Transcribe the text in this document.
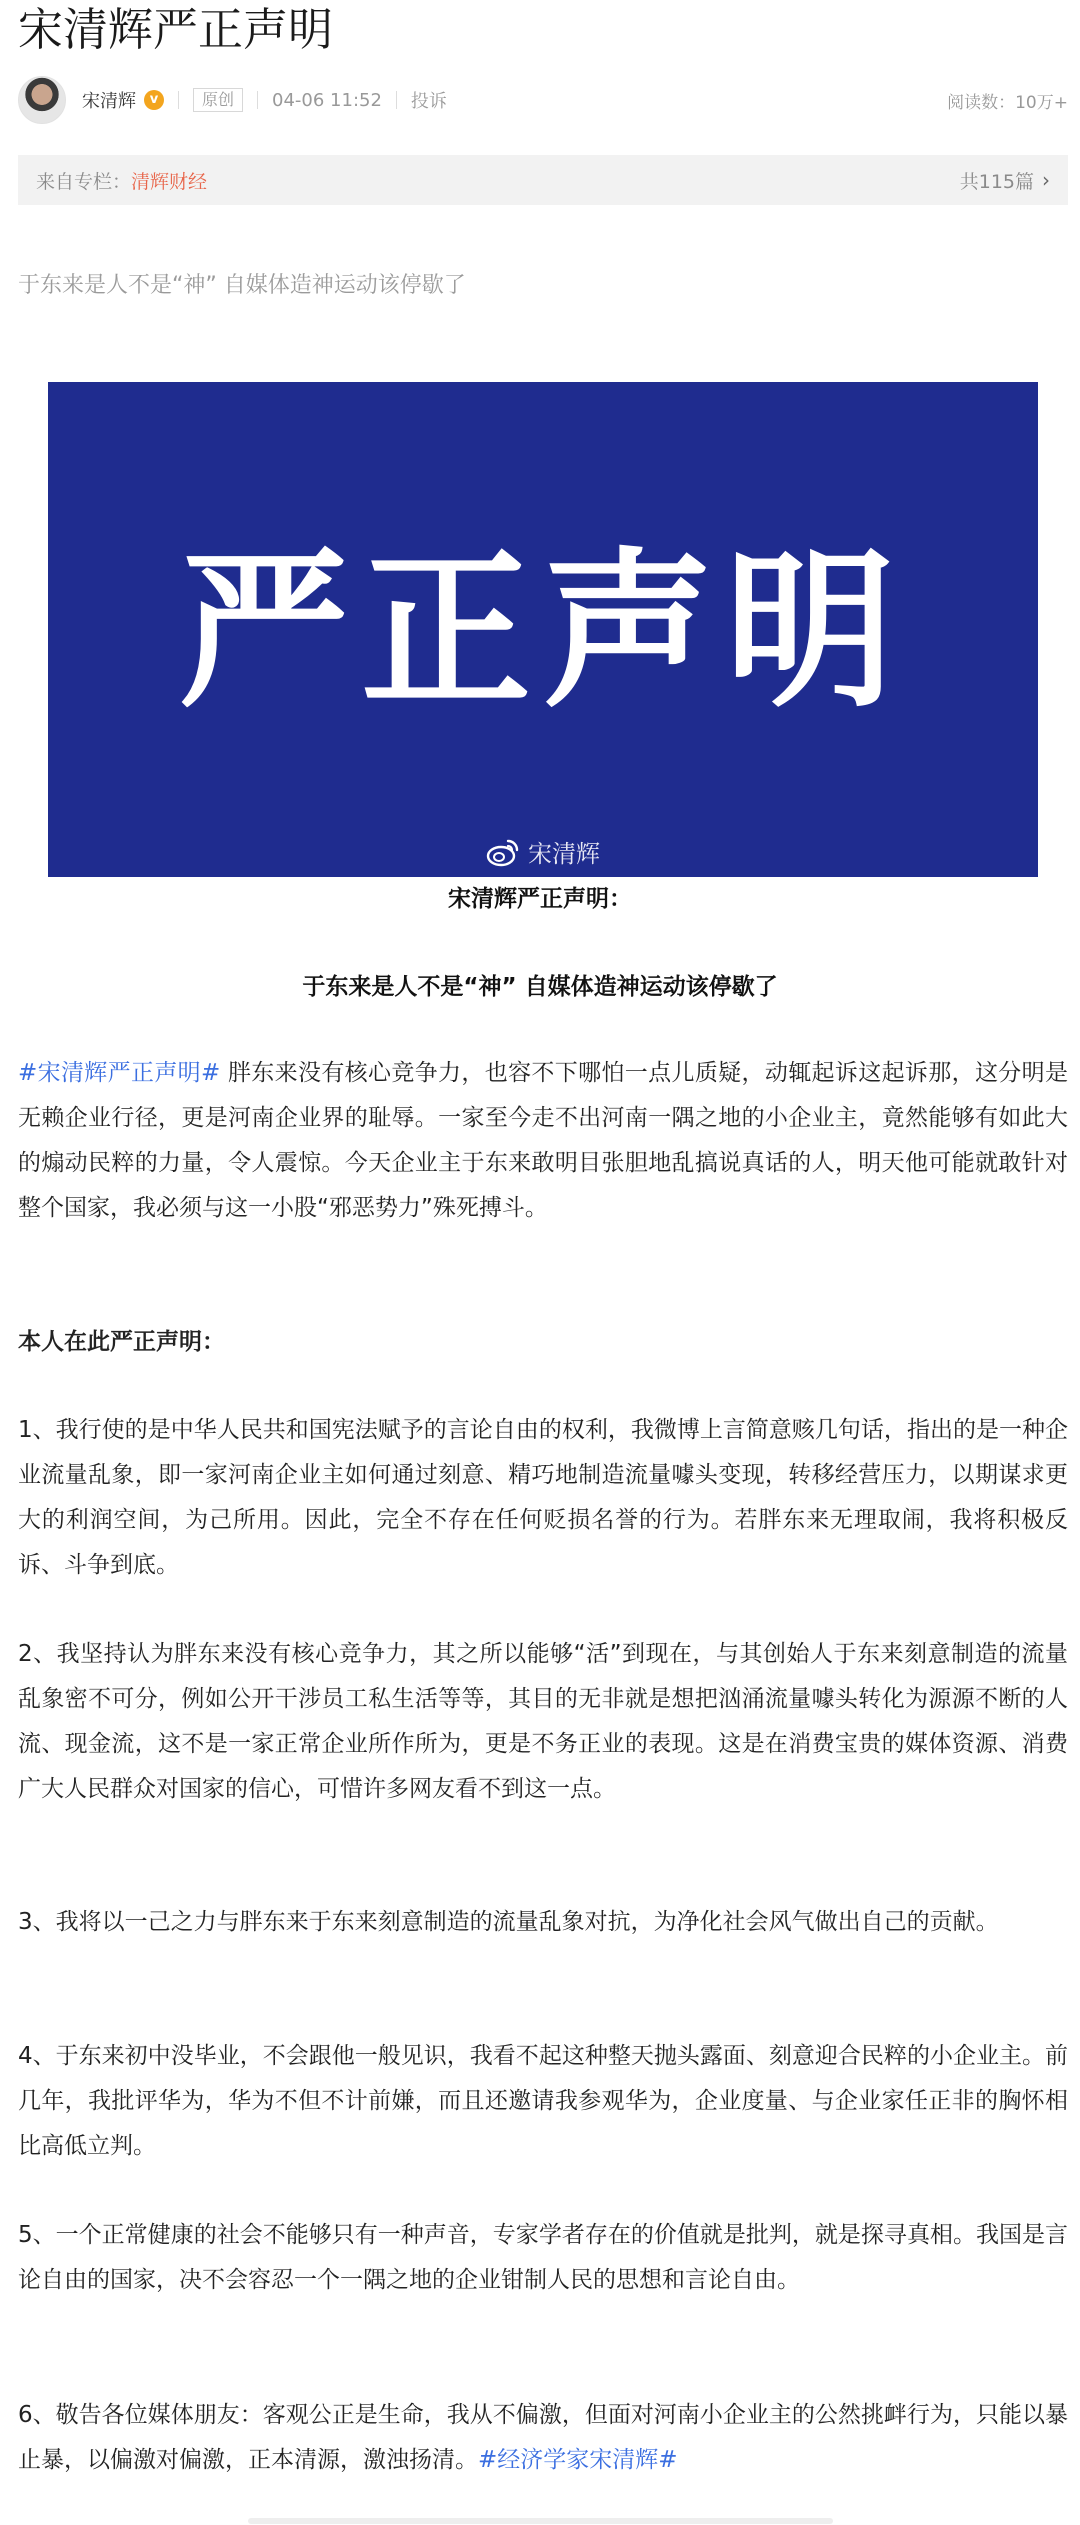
宋清辉严正声明
宋清辉	v	原创	04-06 11:52 投诉	阅读数：10万+
来自专栏： 清辉财经	共115篇 ›

于东来是人不是“神” 自媒体造神运动该停歇了

严正声明
宋清辉

宋清辉严正声明：

于东来是人不是“神” 自媒体造神运动该停歇了

#宋清辉严正声明# 胖东来没有核心竞争力，也容不下哪怕一点儿质疑，动辄起诉这起诉那，这分明是无赖企业行径，更是河南企业界的耻辱。一家至今走不出河南一隅之地的小企业主，竟然能够有如此大的煽动民粹的力量，令人震惊。今天企业主于东来敢明目张胆地乱搞说真话的人，明天他可能就敢针对整个国家，我必须与这一小股“邪恶势力”殊死搏斗。

本人在此严正声明：

1、我行使的是中华人民共和国宪法赋予的言论自由的权利，我微博上言简意赅几句话，指出的是一种企业流量乱象，即一家河南企业主如何通过刻意、精巧地制造流量噱头变现，转移经营压力，以期谋求更大的利润空间，为己所用。因此，完全不存在任何贬损名誉的行为。若胖东来无理取闹，我将积极反诉、斗争到底。

2、我坚持认为胖东来没有核心竞争力，其之所以能够“活”到现在，与其创始人于东来刻意制造的流量乱象密不可分，例如公开干涉员工私生活等等，其目的无非就是想把汹涌流量噱头转化为源源不断的人流、现金流，这不是一家正常企业所作所为，更是不务正业的表现。这是在消费宝贵的媒体资源、消费广大人民群众对国家的信心，可惜许多网友看不到这一点。

3、我将以一己之力与胖东来于东来刻意制造的流量乱象对抗，为净化社会风气做出自己的贡献。

4、于东来初中没毕业，不会跟他一般见识，我看不起这种整天抛头露面、刻意迎合民粹的小企业主。前几年，我批评华为，华为不但不计前嫌，而且还邀请我参观华为，企业度量、与企业家任正非的胸怀相比高低立判。

5、一个正常健康的社会不能够只有一种声音，专家学者存在的价值就是批判，就是探寻真相。我国是言论自由的国家，决不会容忍一个一隅之地的企业钳制人民的思想和言论自由。

6、敬告各位媒体朋友：客观公正是生命，我从不偏激，但面对河南小企业主的公然挑衅行为，只能以暴止暴，以偏激对偏激，正本清源，激浊扬清。#经济学家宋清辉#
